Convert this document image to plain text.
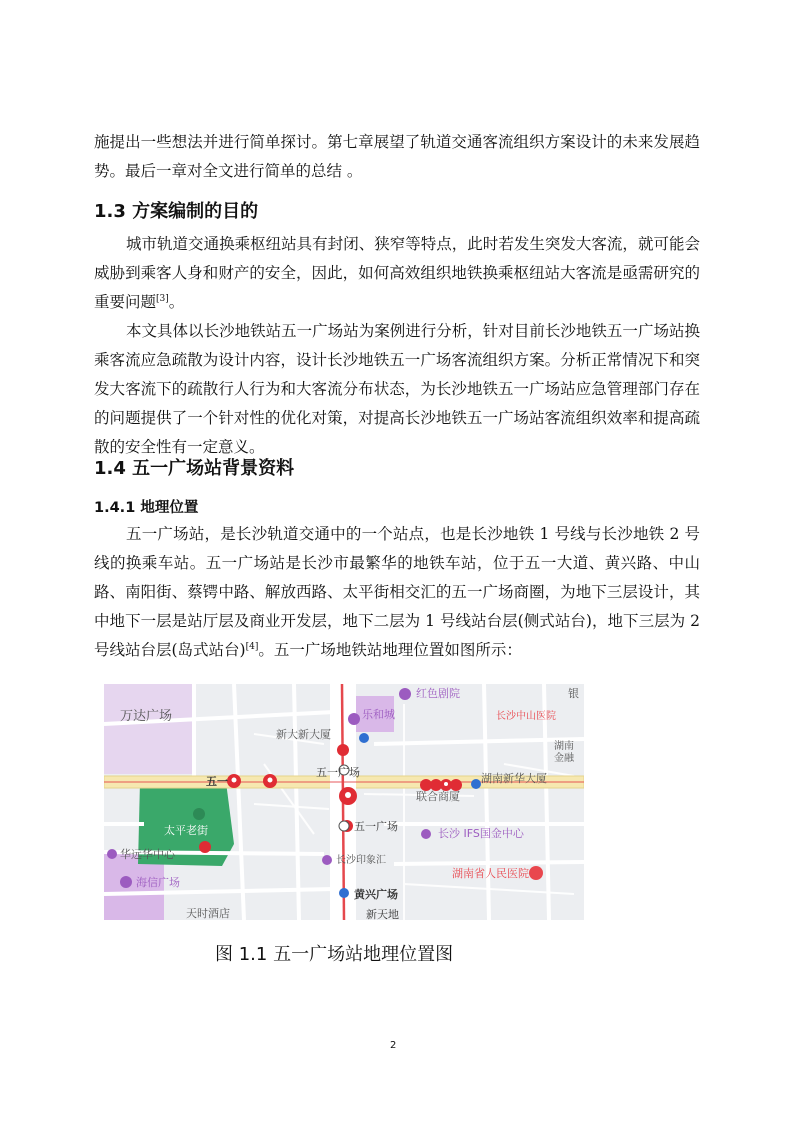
施提出一些想法并进行简单探讨。第七章展望了轨道交通客流组织方案设计的未来发展趋势。最后一章对全文进行简单的总结 。

1.3 方案编制的目的

城市轨道交通换乘枢纽站具有封闭、狭窄等特点，此时若发生突发大客流，就可能会威胁到乘客人身和财产的安全，因此，如何高效组织地铁换乘枢纽站大客流是亟需研究的重要问题[3]。

本文具体以长沙地铁站五一广场站为案例进行分析，针对目前长沙地铁五一广场站换乘客流应急疏散为设计内容，设计长沙地铁五一广场客流组织方案。分析正常情况下和突发大客流下的疏散行人行为和大客流分布状态，为长沙地铁五一广场站应急管理部门存在的问题提供了一个针对性的优化对策，对提高长沙地铁五一广场站客流组织效率和提高疏散的安全性有一定意义。

1.4 五一广场站背景资料
1.4.1 地理位置

五一广场站，是长沙轨道交通中的一个站点，也是长沙地铁 1 号线与长沙地铁 2 号线的换乘车站。五一广场站是长沙市最繁华的地铁车站，位于五一大道、黄兴路、中山路、南阳街、蔡锷中路、解放西路、太平街相交汇的五一广场商圈，为地下三层设计，其中地下一层是站厅层及商业开发层，地下二层为 1 号线站台层(侧式站台)，地下三层为 2 号线站台层(岛式站台)[4]。五一广场地铁站地理位置如图所示：

红色剧院	银
万达广场	乐和城	长沙中山医院
新大新大厦
湖南
金融
五一
五一广场	湖南新华大厦
联合商厦
太平老街	五一广场
长沙 IFS国金中心
华远华中心	长沙印象汇
海信广场
湖南省人民医院
黄兴广场
天时酒店	新天地

图 1.1 五一广场站地理位置图

2
